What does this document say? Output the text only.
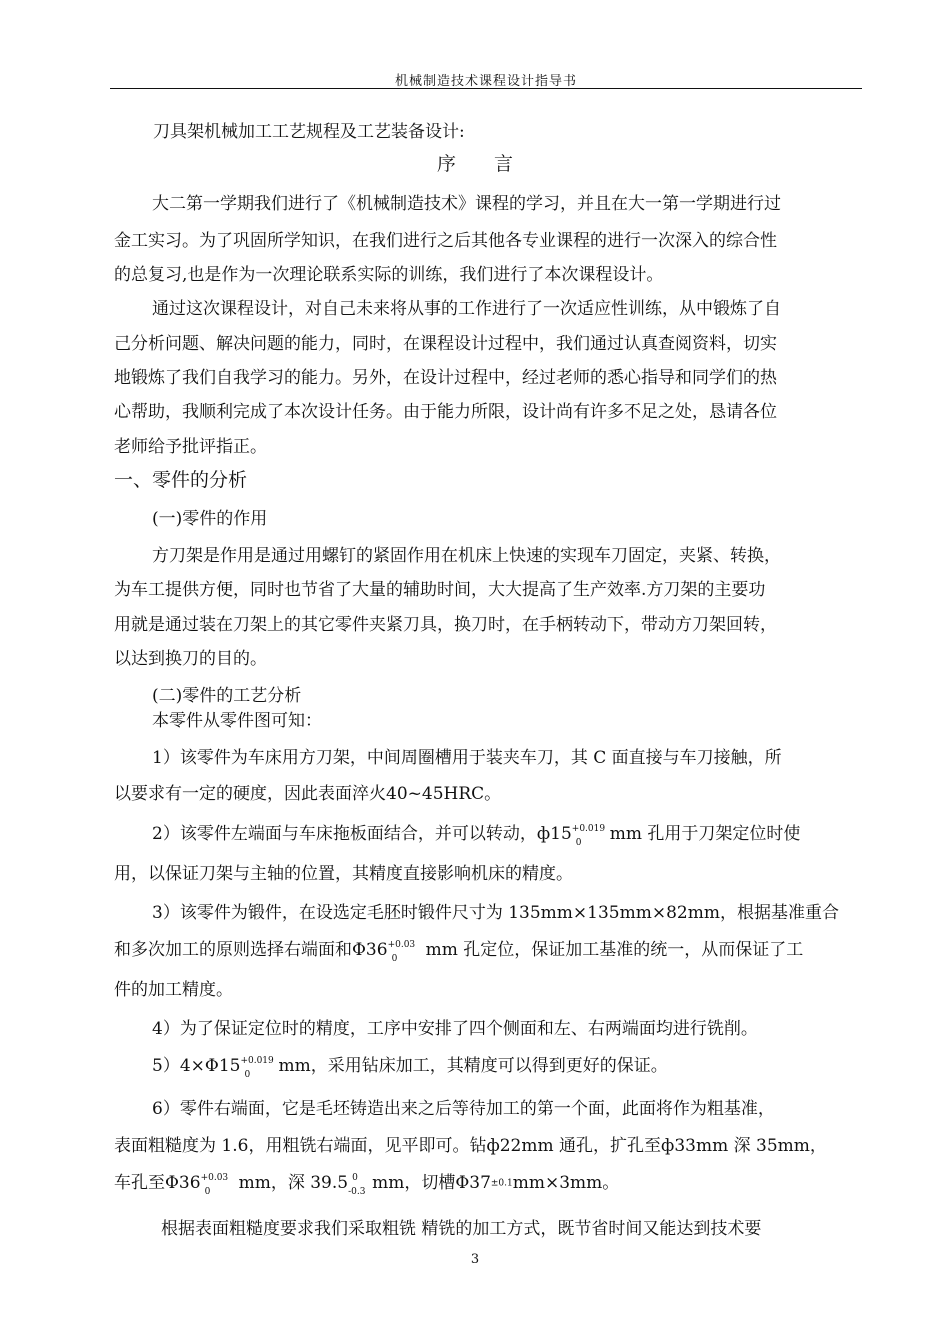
机械制造技术课程设计指导书
刀具架机械加工工艺规程及工艺装备设计:
序　　言
大二第一学期我们进行了《机械制造技术》课程的学习，并且在大一第一学期进行过
金工实习。为了巩固所学知识，在我们进行之后其他各专业课程的进行一次深入的综合性
的总复习,也是作为一次理论联系实际的训练，我们进行了本次课程设计。
通过这次课程设计，对自己未来将从事的工作进行了一次适应性训练，从中锻炼了自
己分析问题、解决问题的能力，同时，在课程设计过程中，我们通过认真查阅资料，切实
地锻炼了我们自我学习的能力。另外，在设计过程中，经过老师的悉心指导和同学们的热
心帮助，我顺利完成了本次设计任务。由于能力所限，设计尚有许多不足之处，恳请各位
老师给予批评指正。
一、零件的分析
(一)零件的作用
方刀架是作用是通过用螺钉的紧固作用在机床上快速的实现车刀固定，夹紧、转换，
为车工提供方便，同时也节省了大量的辅助时间，大大提高了生产效率.方刀架的主要功
用就是通过装在刀架上的其它零件夹紧刀具，换刀时，在手柄转动下，带动方刀架回转，
以达到换刀的目的。
(二)零件的工艺分析
本零件从零件图可知：
1）该零件为车床用方刀架，中间周圈槽用于装夹车刀，其 C 面直接与车刀接触，所
以要求有一定的硬度，因此表面淬火40~45HRC。
2）该零件左端面与车床拖板面结合，并可以转动，ф15 +0.019
0 mm 孔用于刀架定位时使
用，以保证刀架与主轴的位置，其精度直接影响机床的精度。
3）该零件为锻件，在设选定毛胚时锻件尺寸为 135mm×135mm×82mm，根据基准重合
和多次加工的原则选择右端面和Φ36 +0.03
0 mm 孔定位，保证加工基准的统一，从而保证了工
件的加工精度。
4）为了保证定位时的精度，工序中安排了四个侧面和左、右两端面均进行铣削。
5）4×Φ15 +0.019
0 mm，采用钻床加工，其精度可以得到更好的保证。
6）零件右端面，它是毛坯铸造出来之后等待加工的第一个面，此面将作为粗基准，
表面粗糙度为 1.6，用粗铣右端面，见平即可。钻ф22mm 通孔，扩孔至ф33mm 深 35mm，
车孔至Φ36 +0.03
0 mm，深 39.5 0
-0.3 mm，切槽Φ37±0.1mm×3mm。
根据表面粗糙度要求我们采取粗铣 精铣的加工方式，既节省时间又能达到技术要
3
